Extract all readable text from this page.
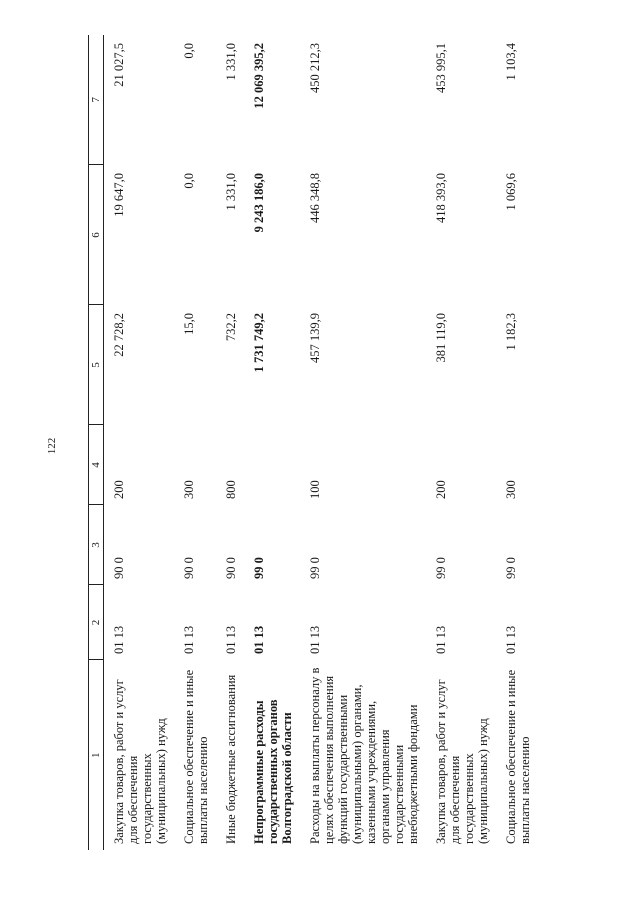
122
1	2	3	4	5	6	7
Закупка товаров, работ и услуг для обеспечения государственных (муниципальных) нужд	01 13	90 0	200	22 728,2	19 647,0	21 027,5
Социальное обеспечение и иные выплаты населению	01 13	90 0	300	15,0	0,0	0,0
Иные бюджетные ассигнования	01 13	90 0	800	732,2	1 331,0	1 331,0
Непрограммные расходы государственных органов Волгоградской области	01 13	99 0		1 731 749,2	9 243 186,0	12 069 395,2
Расходы на выплаты персоналу в целях обеспечения выполнения функций государственными (муниципальными) органами, казенными учреждениями, органами управления государственными внебюджетными фондами	01 13	99 0	100	457 139,9	446 348,8	450 212,3
Закупка товаров, работ и услуг для обеспечения государственных (муниципальных) нужд	01 13	99 0	200	381 119,0	418 393,0	453 995,1
Социальное обеспечение и иные выплаты населению	01 13	99 0	300	1 182,3	1 069,6	1 103,4
